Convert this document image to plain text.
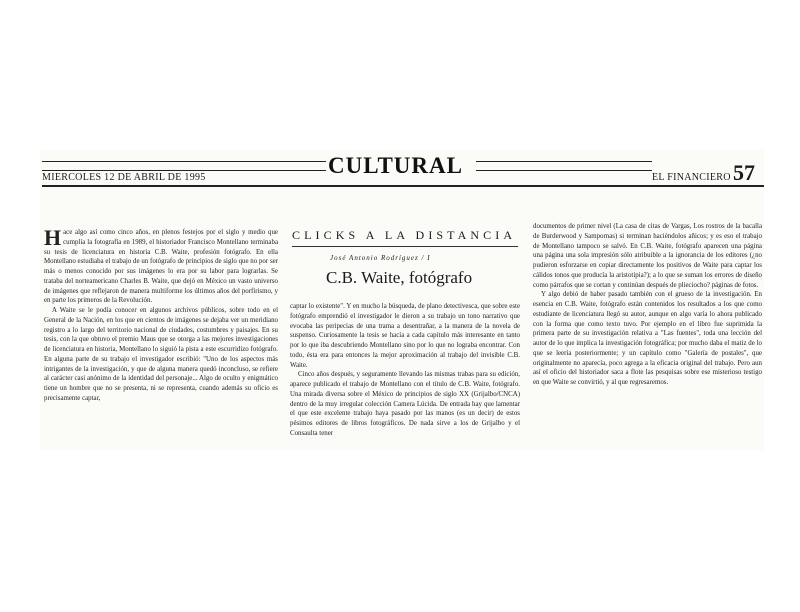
CULTURAL
MIERCOLES 12 DE ABRIL DE 1995	EL FINANCIERO 57

Hace algo así como cinco años, en plenos festejos por el siglo y medio que cumplía la fotografía en 1989, el historiador Francisco Montellano terminaba su tesis de licenciatura en historia C.B. Waite, profesión fotógrafo. En ella Montellano estudiaba el trabajo de un fotógrafo de principios de siglo que no por ser más o menos conocido por sus imágenes lo era por su labor para lograrlas. Se trataba del norteamericano Charles B. Waite, que dejó en México un vasto universo de imágenes que reflejaron de manera multiforme los últimos años del porfirismo, y en parte los primeros de la Revolución.

A Waite se le podía conocer en algunos archivos públicos, sobre todo en el General de la Nación, en los que en cientos de imágenes se dejaba ver un meridiano registro a lo largo del territorio nacional de ciudades, costumbres y paisajes. En su tesis, con la que obtuvo el premio Maus que se otorga a las mejores investigaciones de licenciatura en historia, Montellano lo siguió la pista a este escurridizo fotógrafo. En alguna parte de su trabajo el investigador escribió: "Uno de los aspectos más intrigantes de la investigación, y que de alguna manera quedó inconcluso, se refiere al carácter casi anónimo de la identidad del personaje... Algo de oculto y enigmático tiene un hombre que no se presenta, ni se representa, cuando además su oficio es precisamente captar,

CLICKS A LA DISTANCIA
José Antonio Rodríguez / I
C.B. Waite, fotógrafo

captar lo existente". Y en mucho la búsqueda, de plano detectivesca, que sobre este fotógrafo emprendió el investigador le dieron a su trabajo un tono narrativo que evocaba las peripecias de una trama a desentrañar, a la manera de la novela de suspenso. Curiosamente la tesis se hacía a cada capítulo más interesante en tanto por lo que iba descubriendo Montellano sino por lo que no lograba encontrar. Con todo, ésta era para entonces la mejor aproximación al trabajo del invisible C.B. Waite.

Cinco años después, y seguramente llevando las mismas trabas para su edición, aparece publicado el trabajo de Montellano con el título de C.B. Waite, fotógrafo. Una mirada diversa sobre el México de principios de siglo XX (Grijalbo/CNCA) dentro de la muy irregular colección Camera Lúcida. De entrada hay que lamentar el que este excelente trabajo haya pasado por las manos (es un decir) de estos pésimos editores de libros fotográficos. De nada sirve a los de Grijalbo y el Consaulta tener

documentos de primer nivel (La casa de citas de Vargas, Los rostros de la bacalla de Burderwood y Sampornas) si terminan haciéndolos añicos; y es eso el trabajo de Montellano tampoco se salvó. En C.B. Waite, fotógrafo aparecen una página una página una sola impresión sólo atribuible a la ignorancia de los editores (¿no pudieron esforzarse en copiar directamente los positivos de Waite para captar los cálidos tonos que producía la aristotipia?); a lo que se suman los errores de diseño como párrafos que se cortan y continúan después de plieciocho? páginas de fotos.

Y algo debió de haber pasado también con el grueso de la investigación. En esencia en C.B. Waite, fotógrafo están contenidos los resultados a los que como estudiante de licenciatura llegó su autor, aunque en algo varía lo ahora publicado con la forma que como texto tuvo. Por ejemplo en el libro fue suprimida la primera parte de su investigación relativa a "Las fuentes", toda una lección del autor de lo que implica la investigación fotográfica; por mucho daba el matiz de lo que se leería posteriormente; y un capítulo como "Galería de postales", que originalmente no aparecía, poco agrega a la eficacia original del trabajo. Pero aun así el oficio del historiador saca a flote las pesquisas sobre ese misterioso testigo en que Waite se convirtió, y al que regresaremos.
